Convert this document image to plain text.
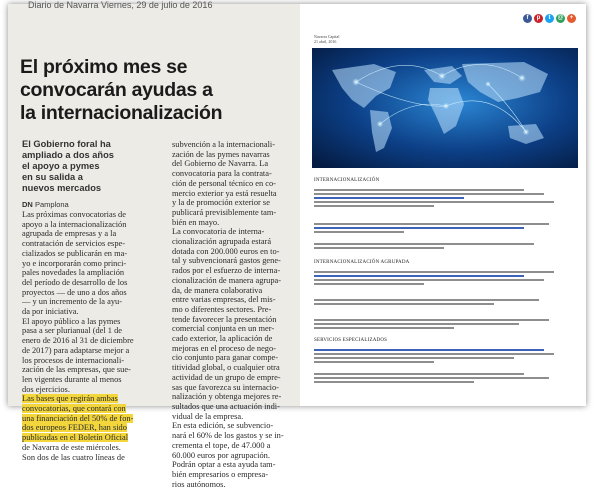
Diario de Navarra Viernes, 29 de julio de 2016
El próximo mes se
convocarán ayudas a
la internacionalización
El Gobierno foral ha
ampliado a dos años
el apoyo a pymes
en su salida a
nuevos mercados
DN Pamplona
Las próximas convocatorias de
apoyo a la internacionalización
agrupada de empresas y a la
contratación de servicios espe-
cializados se publicarán en ma-
yo e incorporarán como princi-
pales novedades la ampliación
del período de desarrollo de los
proyectos — de uno a dos años
— y un incremento de la ayu-
da por iniciativa.
El apoyo público a las pymes
pasa a ser plurianual (del 1 de
enero de 2016 al 31 de diciembre
de 2017) para adaptarse mejor a
los procesos de internacionali-
zación de las empresas, que sue-
len vigentes durante al menos
dos ejercicios.
Las bases que regirán ambas
convocatorias, que contará con
una financiación del 50% de fon-
dos europeos FEDER, han sido
publicadas en el Boletín Oficial
de Navarra de este miércoles.
Son dos de las cuatro líneas de
subvención a la internacionali-
zación de las pymes navarras
del Gobierno de Navarra. La
convocatoria para la contrata-
ción de personal técnico en co-
mercio exterior ya está resuelta
y la de promoción exterior se
publicará previsiblemente tam-
bién en mayo.
La convocatoria de interna-
cionalización agrupada estará
dotada con 200.000 euros en to-
tal y subvencionará gastos gene-
rados por el esfuerzo de interna-
cionalización de manera agrupa-
da, de manera colaborativa
entre varias empresas, del mis-
mo o diferentes sectores. Pre-
tende favorecer la presentación
comercial conjunta en un mer-
cado exterior, la aplicación de
mejoras en el proceso de nego-
cio conjunto para ganar compe-
titividad global, o cualquier otra
actividad de un grupo de empre-
sas que favorezca su internacio-
nalización y obtenga mejores re-
sultados que una actuación indi-
vidual de la empresa.
En esta edición, se subvencio-
nará el 60% de los gastos y se in-
crementa el tope, de 47.000 a
60.000 euros por agrupación.
Podrán optar a esta ayuda tam-
bién empresarios o empresa-
rios autónomos.
f	p	t	@	+
Navarra Capital
21 abril, 2016
INTERNACIONALIZACIÓN
INTERNACIONALIZACIÓN AGRUPADA
SERVICIOS ESPECIALIZADOS
